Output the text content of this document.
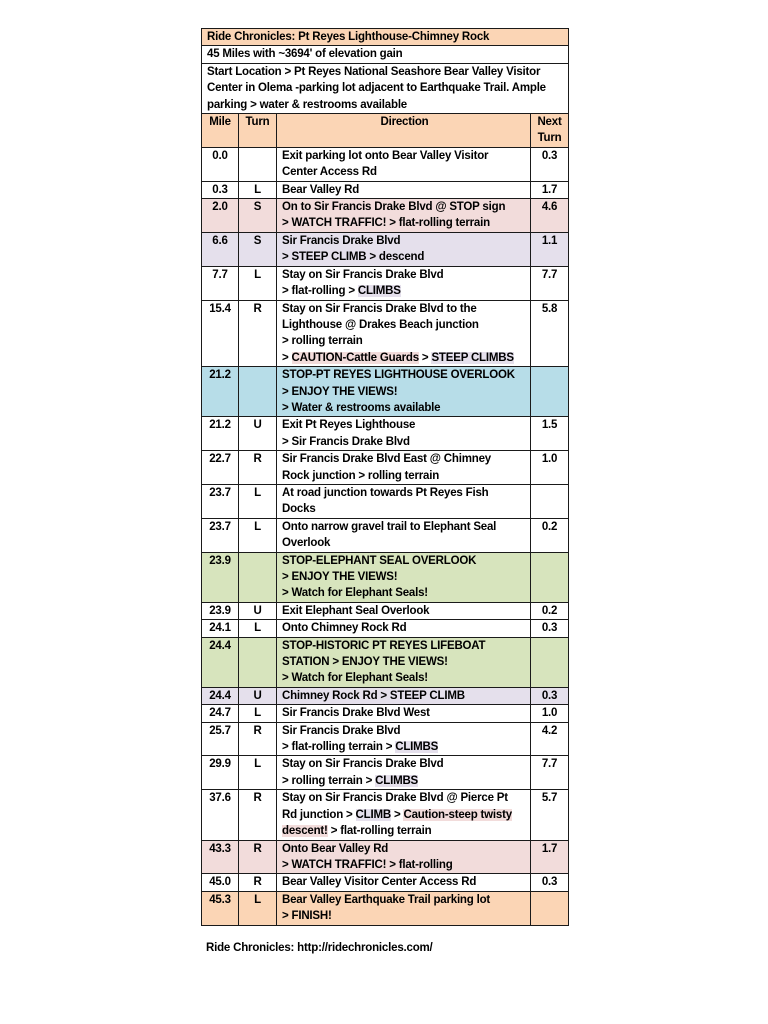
Ride Chronicles: Pt Reyes Lighthouse-Chimney Rock			
45 Miles with ~3694' of elevation gain			

Start Location > Pt Reyes National Seashore Bear Valley Visitor
Center in Olema -parking lot adjacent to Earthquake Trail. Ample
parking > water & restrooms available			

Mile	Turn	Direction	Next
Turn

0.0		Exit parking lot onto Bear Valley Visitor
Center Access Rd	0.3
0.3	L	Bear Valley Rd	1.7
2.0	S	On to Sir Francis Drake Blvd @ STOP sign
> WATCH TRAFFIC! > flat-rolling terrain	4.6
6.6	S	Sir Francis Drake Blvd
> STEEP CLIMB > descend	1.1
7.7	L	Stay on Sir Francis Drake Blvd
> flat-rolling > CLIMBS	7.7
15.4	R	Stay on Sir Francis Drake Blvd to the
Lighthouse @ Drakes Beach junction
> rolling terrain
> CAUTION-Cattle Guards > STEEP CLIMBS	5.8
21.2		STOP-PT REYES LIGHTHOUSE OVERLOOK
> ENJOY THE VIEWS!
> Water & restrooms available	

21.2	U	Exit Pt Reyes Lighthouse
> Sir Francis Drake Blvd	1.5
22.7	R	Sir Francis Drake Blvd East @ Chimney
Rock junction > rolling terrain	1.0
23.7	L	At road junction towards Pt Reyes Fish
Docks	

23.7	L	Onto narrow gravel trail to Elephant Seal
Overlook	0.2
23.9		STOP-ELEPHANT SEAL OVERLOOK
> ENJOY THE VIEWS!
> Watch for Elephant Seals!	

23.9	U	Exit Elephant Seal Overlook	0.2
24.1	L	Onto Chimney Rock Rd	0.3
24.4		STOP-HISTORIC PT REYES LIFEBOAT
STATION > ENJOY THE VIEWS!
> Watch for Elephant Seals!	

24.4	U	Chimney Rock Rd > STEEP CLIMB	0.3
24.7	L	Sir Francis Drake Blvd West	1.0
25.7	R	Sir Francis Drake Blvd
> flat-rolling terrain > CLIMBS	4.2
29.9	L	Stay on Sir Francis Drake Blvd
> rolling terrain > CLIMBS	7.7
37.6	R	Stay on Sir Francis Drake Blvd @ Pierce Pt
Rd junction > CLIMB > Caution-steep twisty
descent! > flat-rolling terrain	5.7
43.3	R	Onto Bear Valley Rd
> WATCH TRAFFIC! > flat-rolling	1.7
45.0	R	Bear Valley Visitor Center Access Rd	0.3
45.3	L	Bear Valley Earthquake Trail parking lot
> FINISH!	

Ride Chronicles: http://ridechronicles.com/
